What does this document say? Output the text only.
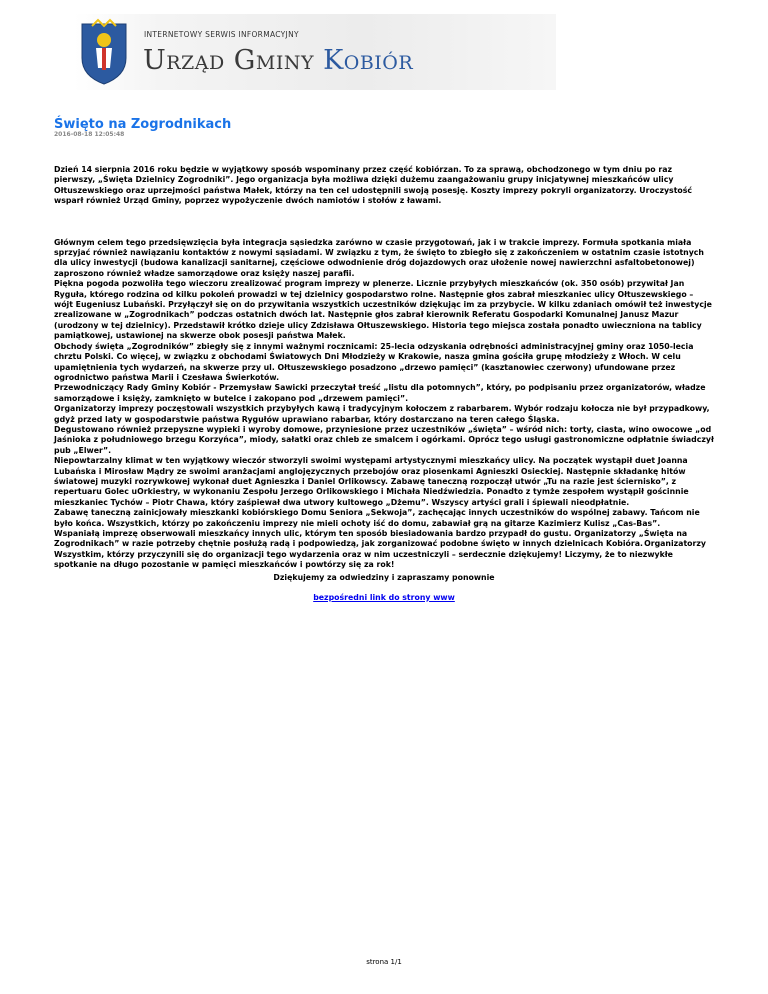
INTERNETOWY SERWIS INFORMACYJNY
Urząd Gminy Kobiór
Święto na Zogrodnikach
2016-08-18 12:05:48

Dzień 14 sierpnia 2016 roku będzie w wyjątkowy sposób wspominany przez część kobiórzan. To za sprawą, obchodzonego w tym dniu po raz pierwszy, „Święta Dzielnicy Zogrodniki”. Jego organizacja była możliwa dzięki dużemu zaangażowaniu grupy inicjatywnej mieszkańców ulicy Ołtuszewskiego oraz uprzejmości państwa Małek, którzy na ten cel udostępnili swoją posesję. Koszty imprezy pokryli organizatorzy. Uroczystość wsparł również Urząd Gminy, poprzez wypożyczenie dwóch namiotów i stołów z ławami.

Głównym celem tego przedsięwzięcia była integracja sąsiedzka zarówno w czasie przygotowań, jak i w trakcie imprezy. Formuła spotkania miała sprzyjać również nawiązaniu kontaktów z nowymi sąsiadami. W związku z tym, że święto to zbiegło się z zakończeniem w ostatnim czasie istotnych dla ulicy inwestycji (budowa kanalizacji sanitarnej, częściowe odwodnienie dróg dojazdowych oraz ułożenie nowej nawierzchni asfaltobetonowej) zaproszono również władze samorządowe oraz księży naszej parafii.

Piękna pogoda pozwoliła tego wieczoru zrealizować program imprezy w plenerze. Licznie przybyłych mieszkańców (ok. 350 osób) przywitał Jan Ryguła, którego rodzina od kilku pokoleń prowadzi w tej dzielnicy gospodarstwo rolne. Następnie głos zabrał mieszkaniec ulicy Ołtuszewskiego – wójt Eugeniusz Lubański. Przyłączył się on do przywitania wszystkich uczestników dziękując im za przybycie. W kilku zdaniach omówił też inwestycje zrealizowane w „Zogrodnikach” podczas ostatnich dwóch lat. Następnie głos zabrał kierownik Referatu Gospodarki Komunalnej Janusz Mazur (urodzony w tej dzielnicy). Przedstawił krótko dzieje ulicy Zdzisława Ołtuszewskiego. Historia tego miejsca została ponadto uwieczniona na tablicy pamiątkowej, ustawionej na skwerze obok posesji państwa Małek.

Obchody święta „Zogrodników” zbiegły się z innymi ważnymi rocznicami: 25-lecia odzyskania odrębności administracyjnej gminy oraz 1050-lecia chrztu Polski. Co więcej, w związku z obchodami Światowych Dni Młodzieży w Krakowie, nasza gmina gościła grupę młodzieży z Włoch. W celu upamiętnienia tych wydarzeń, na skwerze przy ul. Ołtuszewskiego posadzono „drzewo pamięci” (kasztanowiec czerwony) ufundowane przez ogrodnictwo państwa Marii i Czesława Świerkotów.

Przewodniczący Rady Gminy Kobiór - Przemysław Sawicki przeczytał treść „listu dla potomnych”, który, po podpisaniu przez organizatorów, władze samorządowe i księży, zamknięto w butelce i zakopano pod „drzewem pamięci”.

Organizatorzy imprezy poczęstowali wszystkich przybyłych kawą i tradycyjnym kołoczem z rabarbarem. Wybór rodzaju kołocza nie był przypadkowy, gdyż przed laty w gospodarstwie państwa Rygułów uprawiano rabarbar, który dostarczano na teren całego Śląska.

Degustowano również przepyszne wypieki i wyroby domowe, przyniesione przez uczestników „święta” – wśród nich: torty, ciasta, wino owocowe „od Jaśnioka z południowego brzegu Korzyńca”, miody, sałatki oraz chleb ze smalcem i ogórkami. Oprócz tego usługi gastronomiczne odpłatnie świadczył pub „Elwer”.

Niepowtarzalny klimat w ten wyjątkowy wieczór stworzyli swoimi występami artystycznymi mieszkańcy ulicy. Na początek wystąpił duet Joanna Lubańska i Mirosław Mądry ze swoimi aranżacjami anglojęzycznych przebojów oraz piosenkami Agnieszki Osieckiej. Następnie składankę hitów światowej muzyki rozrywkowej wykonał duet Agnieszka i Daniel Orlikowscy. Zabawę taneczną rozpoczął utwór „Tu na razie jest ściernisko”, z repertuaru Golec uOrkiestry, w wykonaniu Zespołu Jerzego Orlikowskiego i Michała Niedźwiedzia. Ponadto z tymże zespołem wystąpił gościnnie mieszkaniec Tychów – Piotr Chawa, który zaśpiewał dwa utwory kultowego „Dżemu”. Wszyscy artyści grali i śpiewali nieodpłatnie.

Zabawę taneczną zainicjowały mieszkanki kobiórskiego Domu Seniora „Sekwoja”, zachęcając innych uczestników do wspólnej zabawy. Tańcom nie było końca. Wszystkich, którzy po zakończeniu imprezy nie mieli ochoty iść do domu, zabawiał grą na gitarze Kazimierz Kulisz „Cas-Bas”.

Wspaniałą imprezę obserwowali mieszkańcy innych ulic, którym ten sposób biesiadowania bardzo przypadł do gustu. Organizatorzy „Święta na Zogrodnikach” w razie potrzeby chętnie posłużą radą i podpowiedzą, jak zorganizować podobne święto w innych dzielnicach Kobióra.

Wszystkim, którzy przyczynili się do organizacji tego wydarzenia oraz w nim uczestniczyli – serdecznie dziękujemy! Liczymy, że to niezwykłe spotkanie na długo pozostanie w pamięci mieszkańców i powtórzy się za rok!

Organizatorzy
Dziękujemy za odwiedziny i zapraszamy ponownie
bezpośredni link do strony www
strona 1/1
